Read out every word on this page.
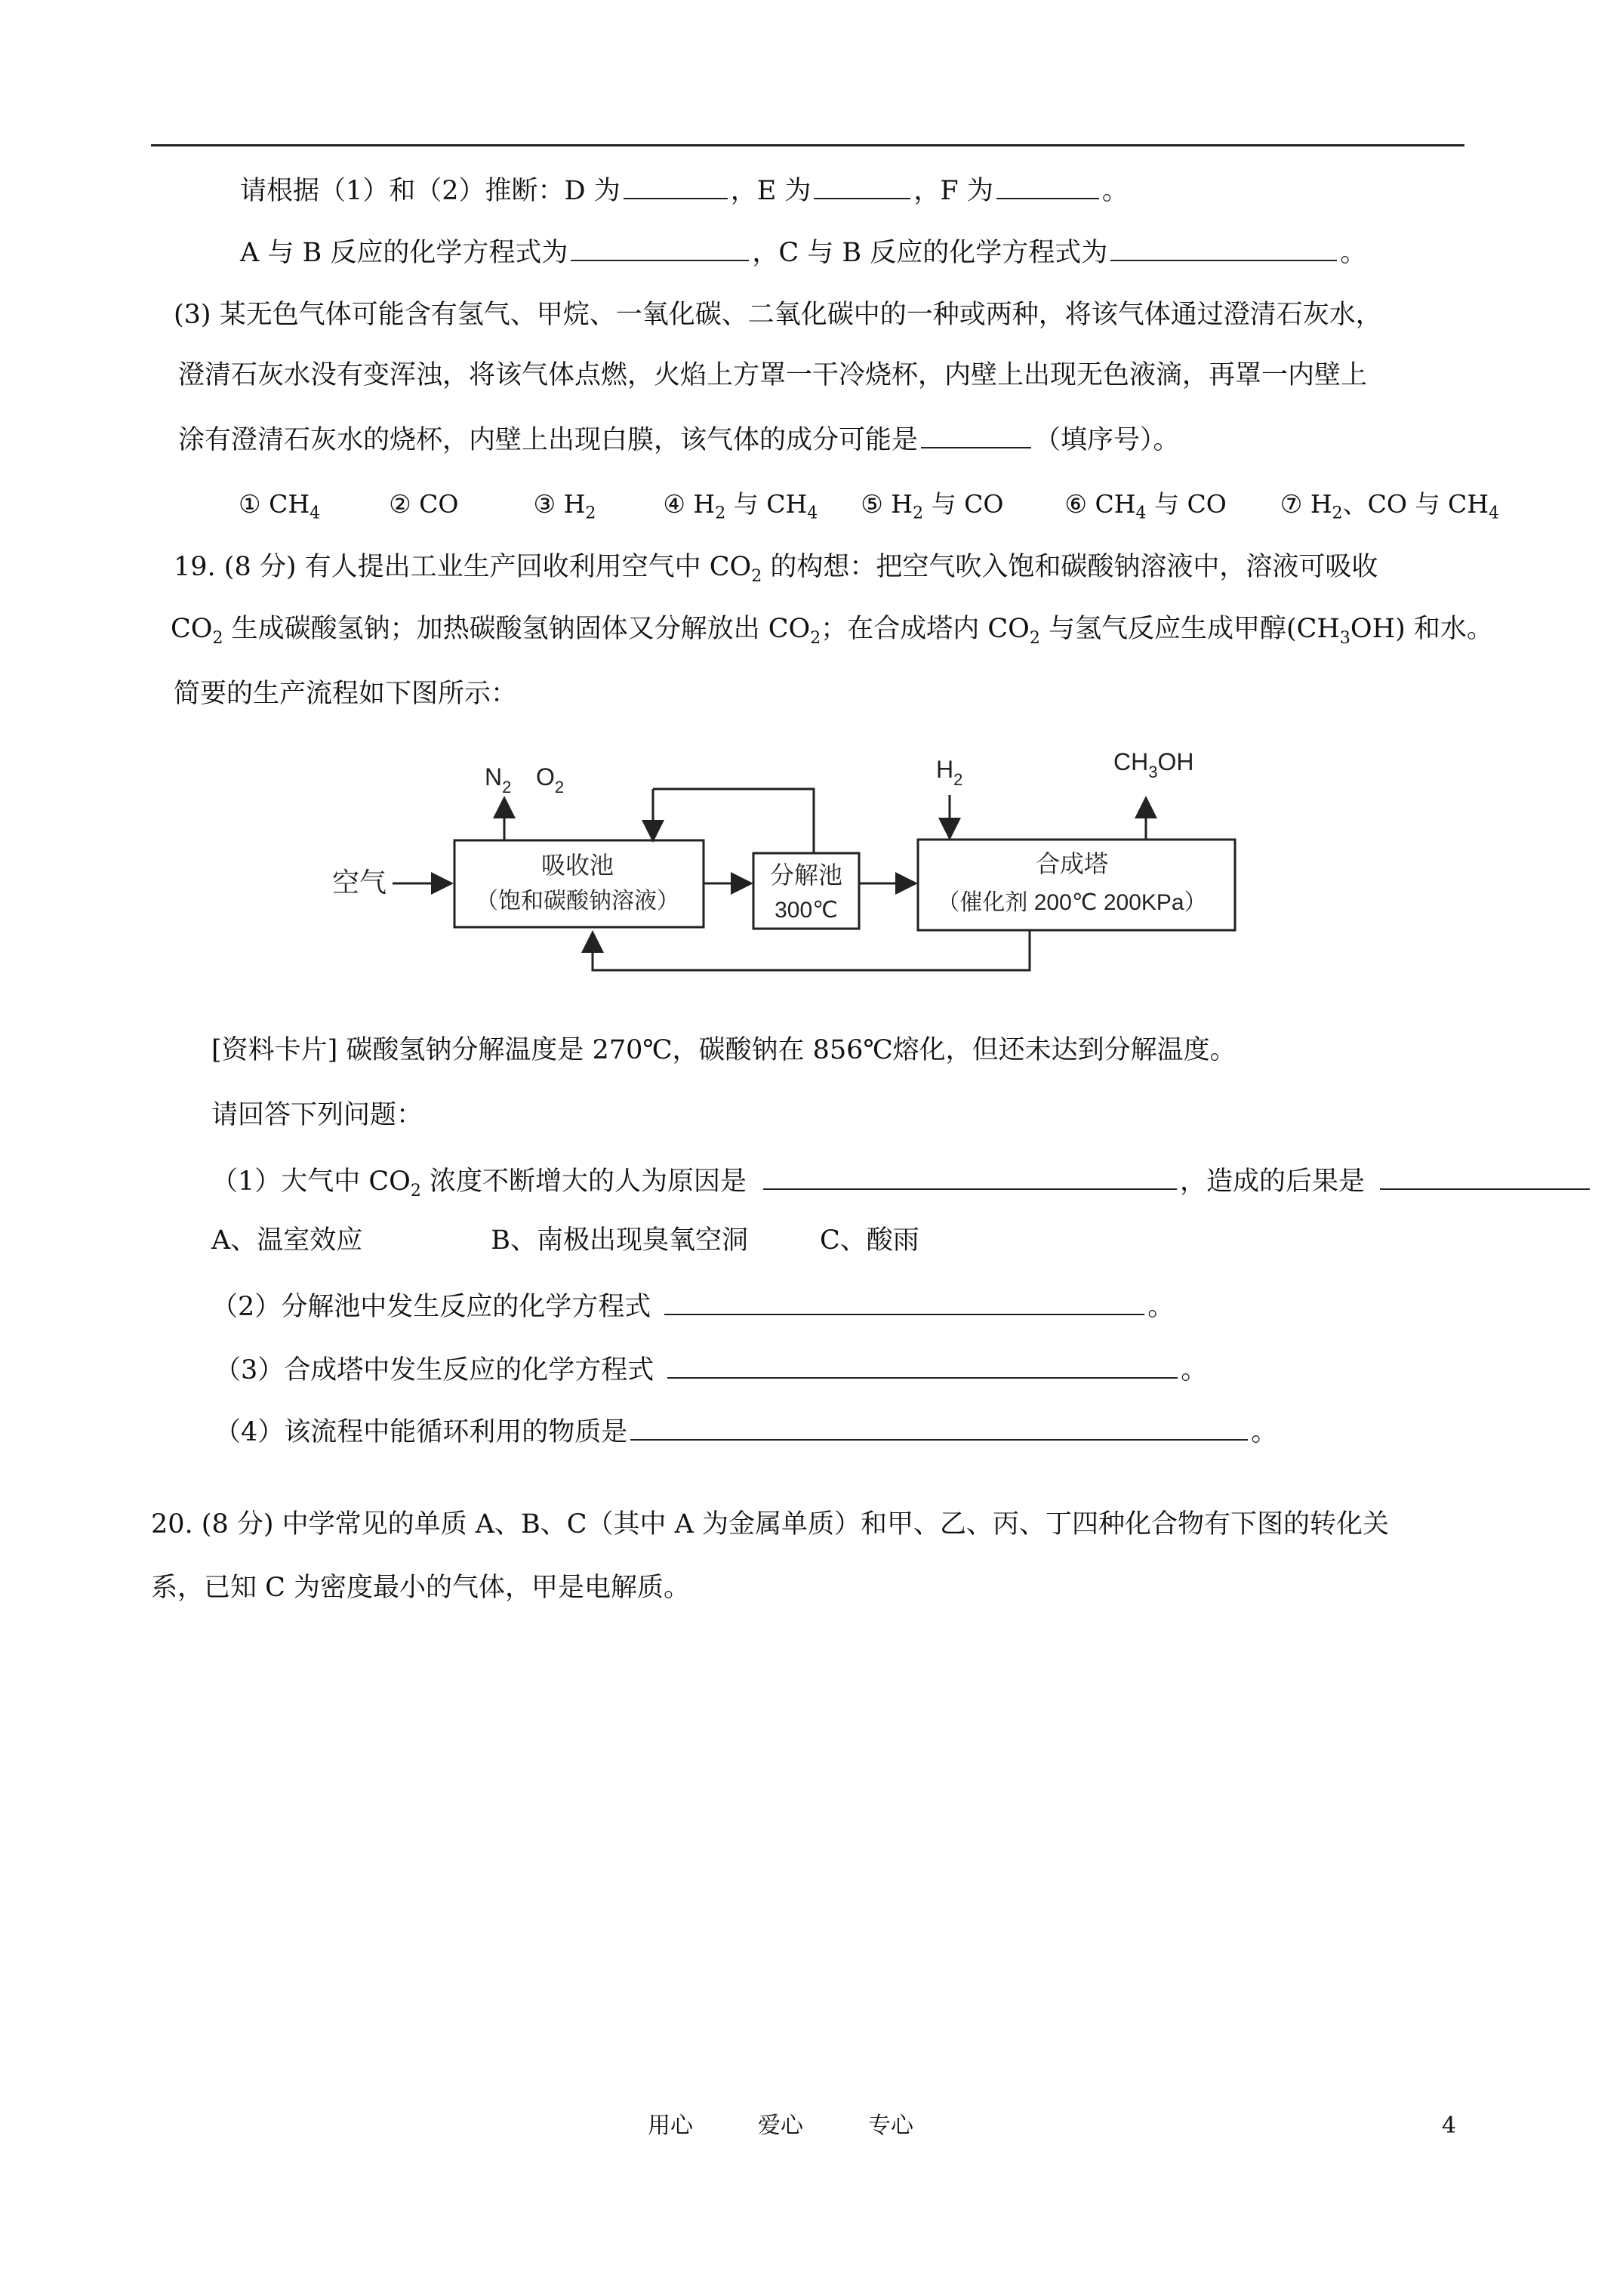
请根据（1）和（2）推断：D 为	，E 为	，F 为	。
A 与 B 反应的化学方程式为	，C 与 B 反应的化学方程式为	。
(3) 某无色气体可能含有氢气、甲烷、一氧化碳、二氧化碳中的一种或两种，将该气体通过澄清石灰水，
澄清石灰水没有变浑浊，将该气体点燃，火焰上方罩一干冷烧杯，内壁上出现无色液滴，再罩一内壁上
涂有澄清石灰水的烧杯，内壁上出现白膜，该气体的成分可能是	（填序号）。
① $CH_4$	② CO	③ $H_2$	④ $H_2$ 与 $CH_4$ ⑤ $H_2$ 与 CO ⑥ $CH_4$ 与 CO ⑦ $H_2$、CO 与 $CH_4$
19. (8 分) 有人提出工业生产回收利用空气中 $CO_2$ 的构想：把空气吹入饱和碳酸钠溶液中，溶液可吸收
$CO_2$ 生成碳酸氢钠；加热碳酸氢钠固体又分解放出 $CO_2$；在合成塔内 $CO_2$ 与氢气反应生成甲醇$(CH_3OH)$ 和水。
简要的生产流程如下图所示：
空气
吸收池
（饱和碳酸钠溶液）
$N_2$ $O_2$
分解池
300℃
合成塔
（催化剂 200℃ 200KPa）
$H_2$
$CH_3OH$
[资料卡片] 碳酸氢钠分解温度是 270℃，碳酸钠在 856℃熔化，但还未达到分解温度。
请回答下列问题：
（1）大气中 $CO_2$ 浓度不断增大的人为原因是	，造成的后果是
A、温室效应	B、南极出现臭氧空洞	C、酸雨
（2）分解池中发生反应的化学方程式	。
（3）合成塔中发生反应的化学方程式	。
（4）该流程中能循环利用的物质是	。
20. (8 分) 中学常见的单质 A、B、C（其中 A 为金属单质）和甲、乙、丙、丁四种化合物有下图的转化关
系，已知 C 为密度最小的气体，甲是电解质。
用心	爱心	专心	4
